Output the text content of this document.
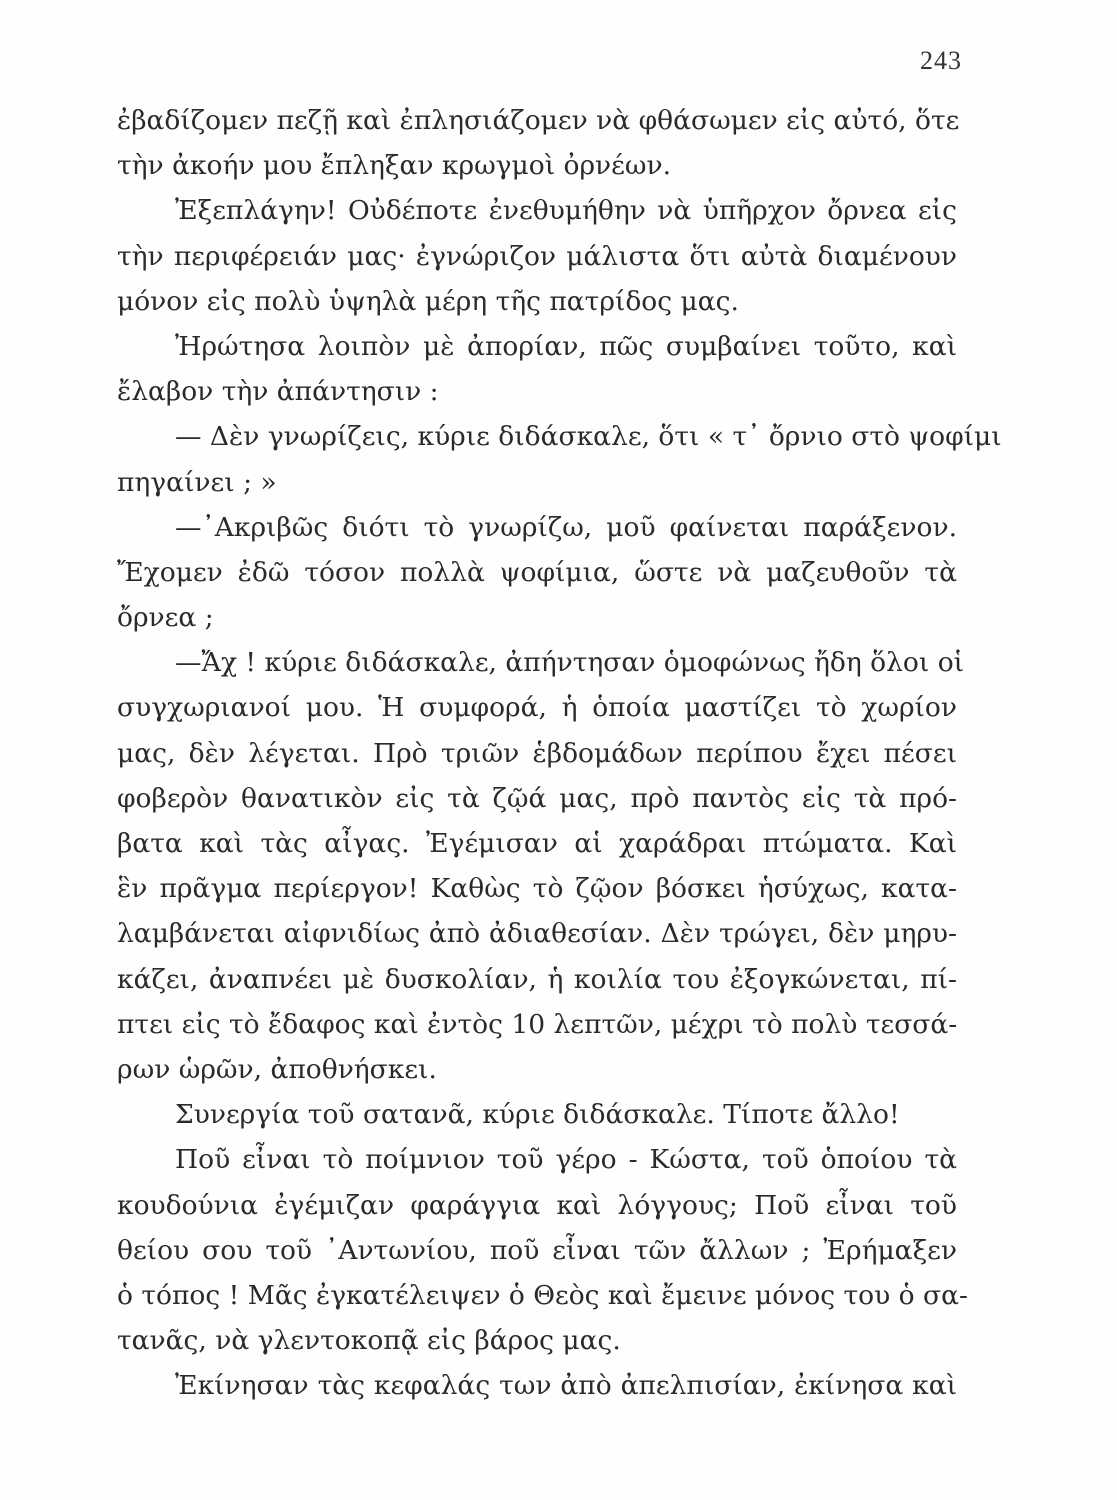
243
ἐβαδίζομεν πεζῇ καὶ ἐπλησιάζομεν νὰ φθάσωμεν εἰς αὐτό, ὅτε
τὴν ἀκοήν μου ἔπληξαν κρωγμοὶ ὀρνέων.
Ἐξεπλάγην! Οὐδέποτε ἐνεθυμήθην νὰ ὑπῆρχον ὄρνεα εἰς
τὴν περιφέρειάν μας· ἐγνώριζον μάλιστα ὅτι αὐτὰ διαμένουν
μόνον εἰς πολὺ ὑψηλὰ μέρη τῆς πατρίδος μας.
Ἠρώτησα λοιπὸν μὲ ἀπορίαν, πῶς συμβαίνει τοῦτο, καὶ
ἔλαβον τὴν ἀπάντησιν :
— Δὲν γνωρίζεις, κύριε διδάσκαλε, ὅτι « τ᾿ ὄρνιο στὸ ψοφίμι
πηγαίνει ; »
—᾿Ακριβῶς διότι τὸ γνωρίζω, μοῦ φαίνεται παράξενον.
Ἔχομεν ἐδῶ τόσον πολλὰ ψοφίμια, ὥστε νὰ μαζευθοῦν τὰ
ὄρνεα ;
—Ἄχ ! κύριε διδάσκαλε, ἀπήντησαν ὁμοφώνως ἤδη ὅλοι οἱ
συγχωριανοί μου. Ἡ συμφορά, ἡ ὁποία μαστίζει τὸ χωρίον
μας, δὲν λέγεται. Πρὸ τριῶν ἑβδομάδων περίπου ἔχει πέσει
φοβερὸν θανατικὸν εἰς τὰ ζῷά μας, πρὸ παντὸς εἰς τὰ πρό-
βατα καὶ τὰς αἶγας. Ἐγέμισαν αἱ χαράδραι πτώματα. Καὶ
ἓν πρᾶγμα περίεργον! Καθὼς τὸ ζῷον βόσκει ἡσύχως, κατα-
λαμβάνεται αἰφνιδίως ἀπὸ ἀδιαθεσίαν. Δὲν τρώγει, δὲν μηρυ-
κάζει, ἀναπνέει μὲ δυσκολίαν, ἡ κοιλία του ἐξογκώνεται, πί-
πτει εἰς τὸ ἔδαφος καὶ ἐντὸς 10 λεπτῶν, μέχρι τὸ πολὺ τεσσά-
ρων ὡρῶν, ἀποθνήσκει.
Συνεργία τοῦ σατανᾶ, κύριε διδάσκαλε. Τίποτε ἄλλο!
Ποῦ εἶναι τὸ ποίμνιον τοῦ γέρο - Κώστα, τοῦ ὁποίου τὰ
κουδούνια ἐγέμιζαν φαράγγια καὶ λόγγους; Ποῦ εἶναι τοῦ
θείου σου τοῦ ᾿Αντωνίου, ποῦ εἶναι τῶν ἄλλων ; Ἐρήμαξεν
ὁ τόπος ! Μᾶς ἐγκατέλειψεν ὁ Θεὸς καὶ ἔμεινε μόνος του ὁ σα-
τανᾶς, νὰ γλεντοκοπᾷ εἰς βάρος μας.
Ἐκίνησαν τὰς κεφαλάς των ἀπὸ ἀπελπισίαν, ἐκίνησα καὶ
